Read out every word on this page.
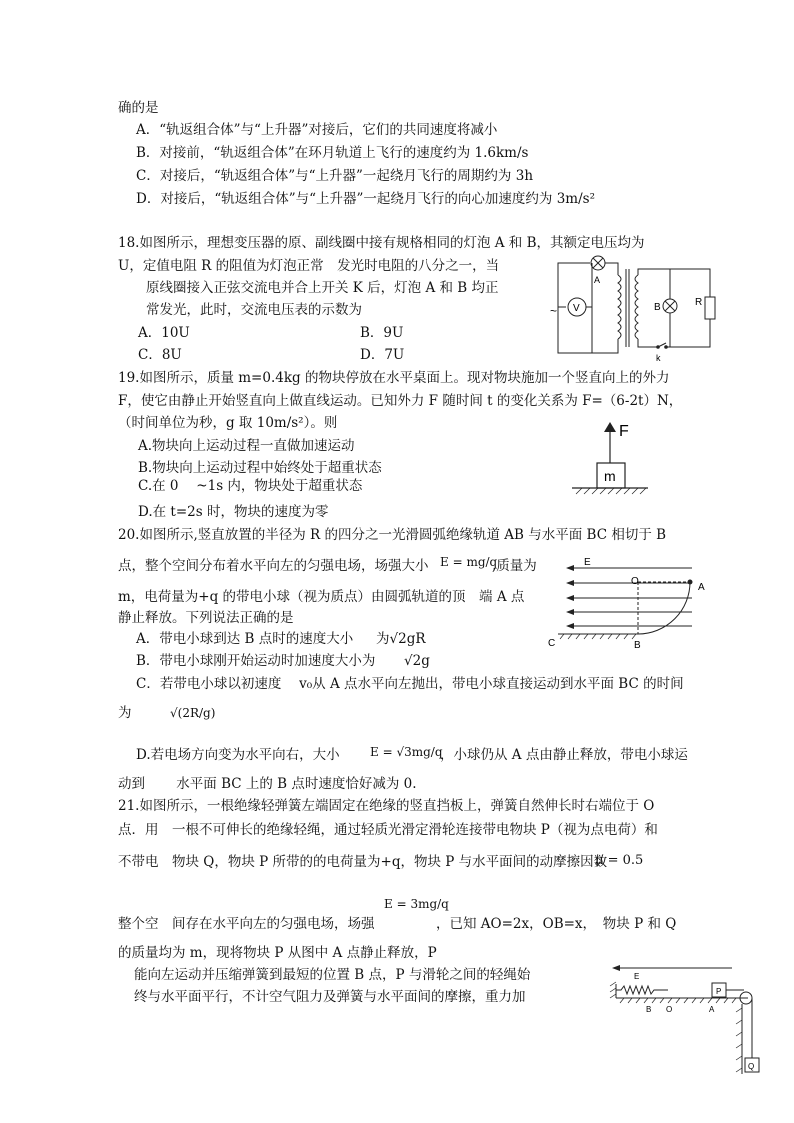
确的是
A．“轨返组合体”与“上升器”对接后，它们的共同速度将减小
B．对接前，“轨返组合体”在环月轨道上飞行的速度约为 1.6km/s
C．对接后，“轨返组合体”与“上升器”一起绕月飞行的周期约为 3h
D．对接后，“轨返组合体”与“上升器”一起绕月飞行的向心加速度约为 3m/s²
18.如图所示，理想变压器的原、副线圈中接有规格相同的灯泡 A 和 B，其额定电压均为
U，定值电阻 R 的阻值为灯泡正常　发光时电阻的八分之一，当
原线圈接入正弦交流电并合上开关 K 后，灯泡 A 和 B 均正
常发光，此时，交流电压表的示数为
A．10U	B．9U
C．8U	D．7U
A
V
~	B	R
k
19.如图所示，质量 m=0.4kg 的物块停放在水平桌面上。现对物块施加一个竖直向上的外力
F，使它由静止开始竖直向上做直线运动。已知外力 F 随时间 t 的变化关系为 F=（6-2t）N，
（时间单位为秒，g 取 10m/s²）。则
A.物块向上运动过程一直做加速运动
B.物块向上运动过程中始终处于超重状态
C.在 0　 ~1s 内，物块处于超重状态
D.在 t=2s 时，物块的速度为零
F
m
20.如图所示,竖直放置的半径为 R 的四分之一光滑圆弧绝缘轨道 AB 与水平面 BC 相切于 B
点，整个空间分布着水平向左的匀强电场，场强大小 E = mg/q
,质量为
m，电荷量为+q 的带电小球（视为质点）由圆弧轨道的顶　端 A 点
静止释放。下列说法正确的是
A．带电小球到达 B 点时的速度大小 为√2gR
B．带电小球刚开始运动时加速度大小为 √2g
C．若带电小球以初速度　 v₀从 A 点水平向左抛出，带电小球直接运动到水平面 BC 的时间
为	√(2R/g)
D.若电场方向变为水平向右，大小	E = √3mg/q
，小球仍从 A 点由静止释放，带电小球运
动到　　 水平面 BC 上的 B 点时速度恰好减为 0.
E
O
A
B
C
21.如图所示，一根绝缘轻弹簧左端固定在绝缘的竖直挡板上，弹簧自然伸长时右端位于 O
点．用　一根不可伸长的绝缘轻绳，通过轻质光滑定滑轮连接带电物块 P（视为点电荷）和
不带电　物块 Q，物块 P 所带的的电荷量为+q，物块 P 与水平面间的动摩擦因数
μ = 0.5
E = 3mg/q
整个空　间存在水平向左的匀强电场，场强	，已知 AO=2x，OB=x，　物块 P 和 Q
的质量均为 m，现将物块 P 从图中 A 点静止释放，P
能向左运动并压缩弹簧到最短的位置 B 点，P 与滑轮之间的轻绳始
终与水平面平行，不计空气阻力及弹簧与水平面间的摩擦，重力加
E
P
B O	A
Q
